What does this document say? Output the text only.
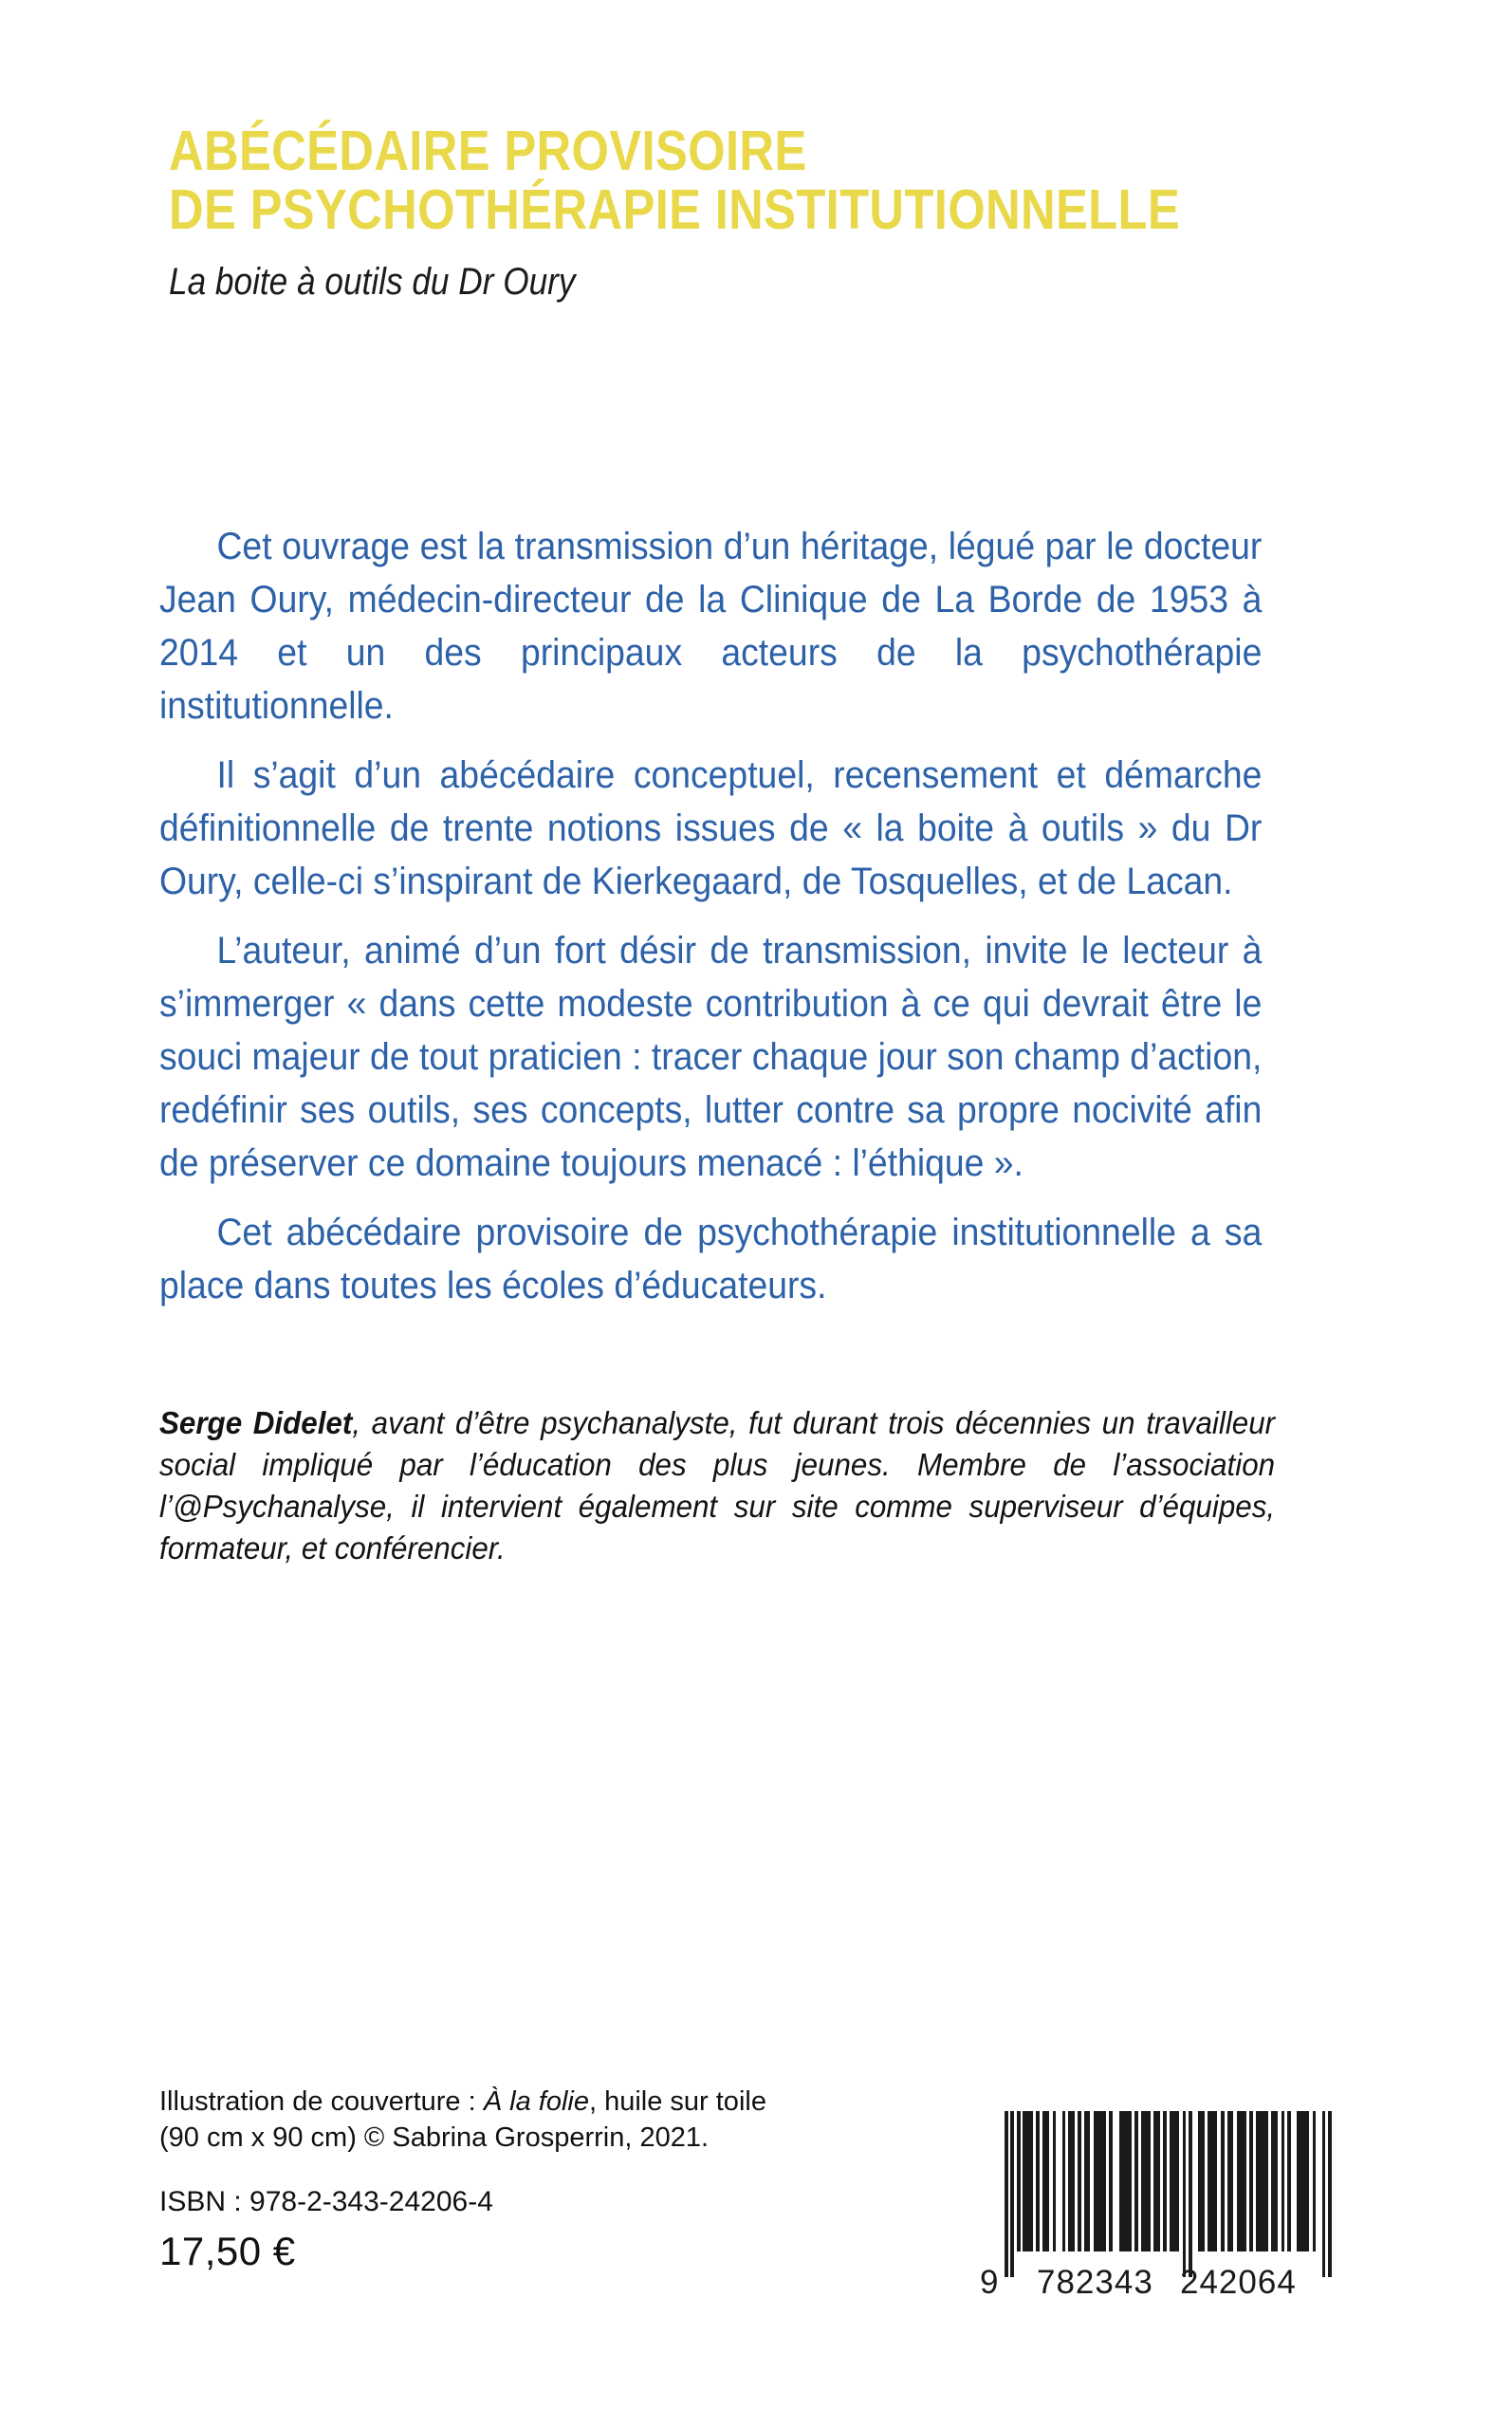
ABÉCÉDAIRE PROVISOIRE
DE PSYCHOTHÉRAPIE INSTITUTIONNELLE
La boite à outils du Dr Oury

Cet ouvrage est la transmission d’un héritage, légué par le docteur Jean Oury, médecin-directeur de la Clinique de La Borde de 1953 à 2014 et un des principaux acteurs de la psychothérapie institutionnelle.

Il s’agit d’un abécédaire conceptuel, recensement et démarche définitionnelle de trente notions issues de « la boite à outils » du Dr Oury, celle-ci s’inspirant de Kierkegaard, de Tosquelles, et de Lacan.

L’auteur, animé d’un fort désir de transmission, invite le lecteur à s’immerger « dans cette modeste contribution à ce qui devrait être le souci majeur de tout praticien : tracer chaque jour son champ d’action, redéfinir ses outils, ses concepts, lutter contre sa propre nocivité afin de préserver ce domaine toujours menacé : l’éthique ».

Cet abécédaire provisoire de psychothérapie institutionnelle a sa place dans toutes les écoles d’éducateurs.

Serge Didelet, avant d’être psychanalyste, fut durant trois décennies un travailleur social impliqué par l’éducation des plus jeunes. Membre de l’association l’@Psychanalyse, il intervient également sur site comme superviseur d’équipes, formateur, et conférencier.
Illustration de couverture : À la folie, huile sur toile
(90 cm x 90 cm) © Sabrina Grosperrin, 2021.
ISBN : 978-2-343-24206-4
17,50 €
9 782343 242064
